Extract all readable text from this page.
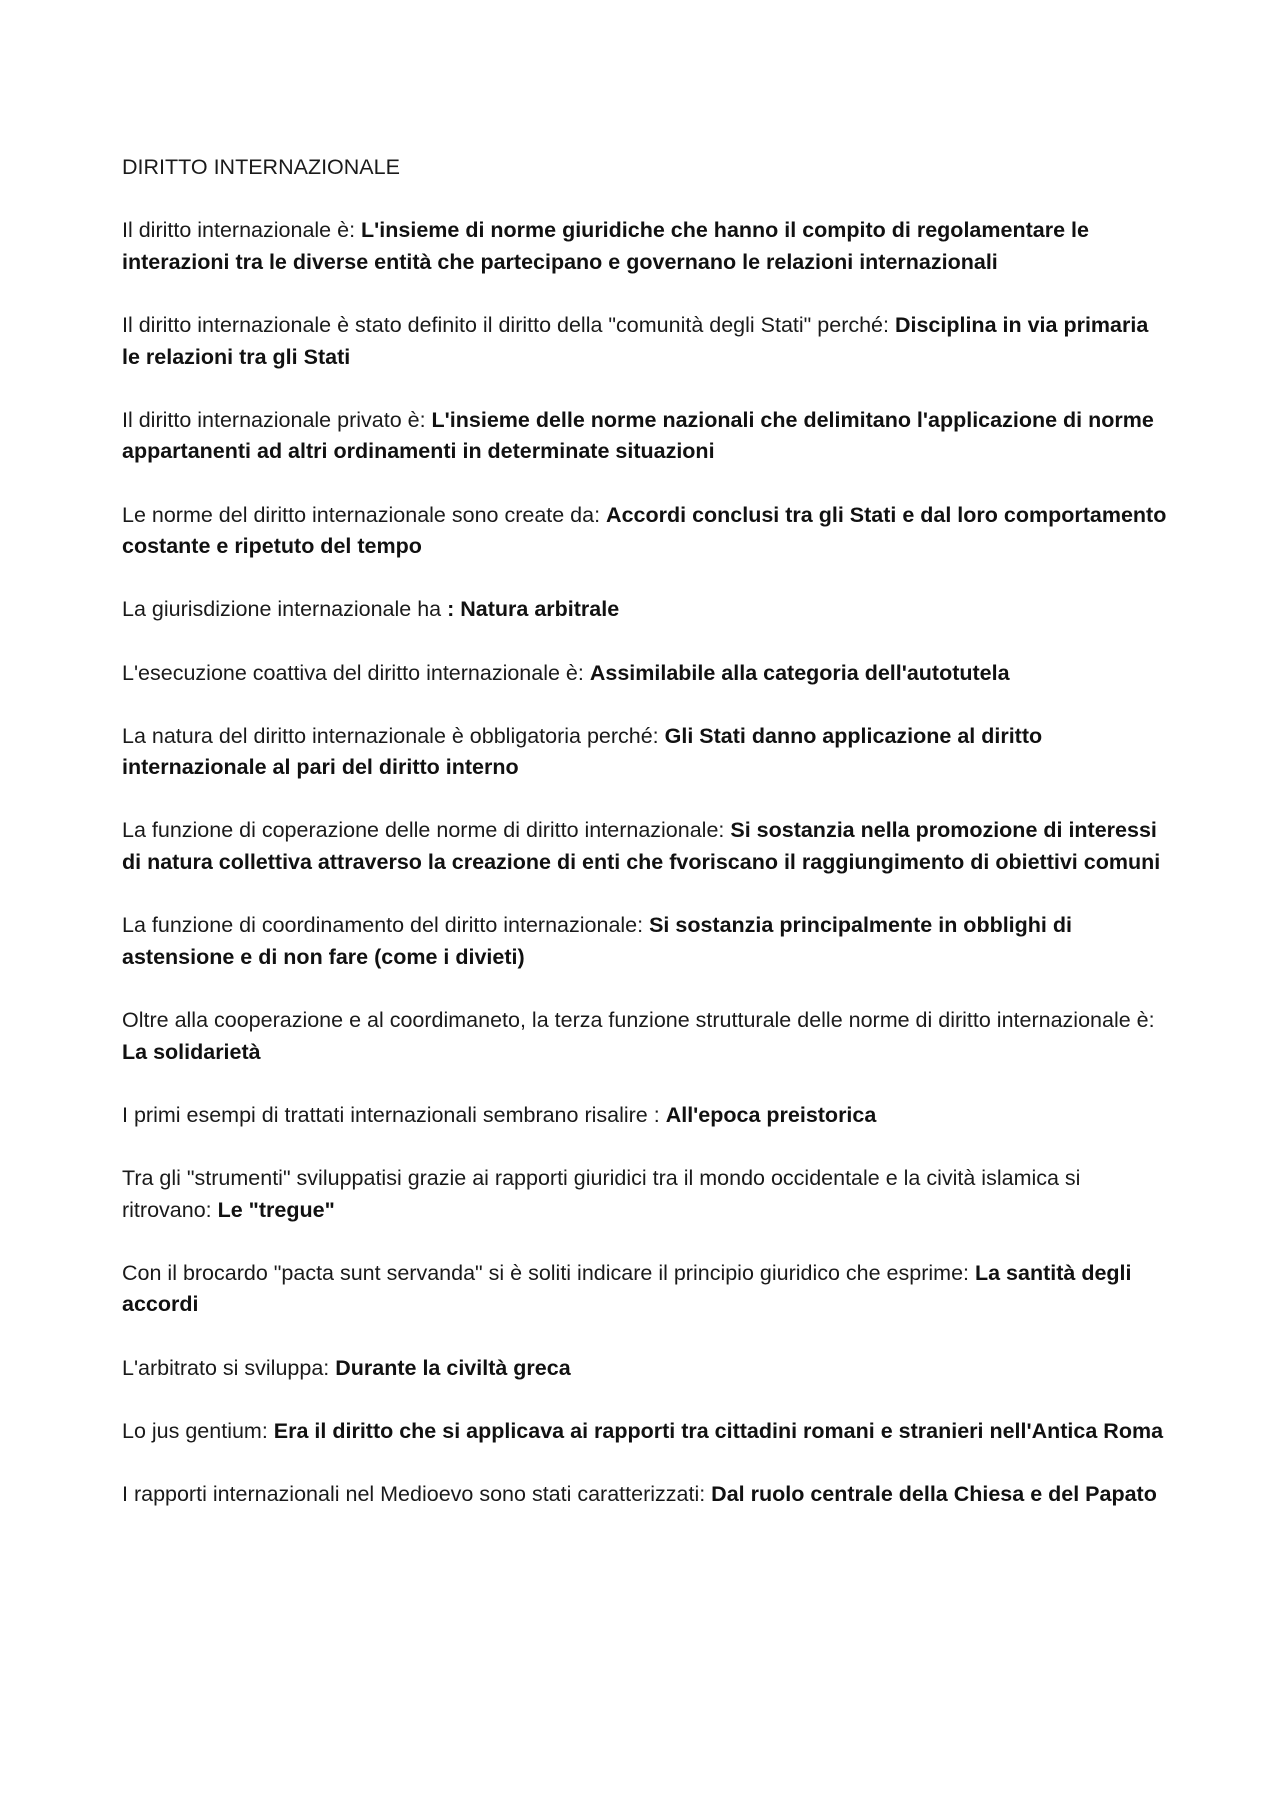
DIRITTO INTERNAZIONALE

Il diritto internazionale è: L'insieme di norme giuridiche che hanno il compito di regolamentare le interazioni tra le diverse entità che partecipano e governano le relazioni internazionali

Il diritto internazionale è stato definito il diritto della "comunità degli Stati" perché: Disciplina in via primaria le relazioni tra gli Stati

Il diritto internazionale privato è: L'insieme delle norme nazionali che delimitano l'applicazione di norme appartanenti ad altri ordinamenti in determinate situazioni

Le norme del diritto internazionale sono create da: Accordi conclusi tra gli Stati e dal loro comportamento costante e ripetuto del tempo

La giurisdizione internazionale ha : Natura arbitrale

L'esecuzione coattiva del diritto internazionale è: Assimilabile alla categoria dell'autotutela

La natura del diritto internazionale è obbligatoria perché: Gli Stati danno applicazione al diritto internazionale al pari del diritto interno

La funzione di coperazione delle norme di diritto internazionale: Si sostanzia nella promozione di interessi di natura collettiva attraverso la creazione di enti che fvoriscano il raggiungimento di obiettivi comuni

La funzione di coordinamento del diritto internazionale: Si sostanzia principalmente in obblighi di astensione e di non fare (come i divieti)

Oltre alla cooperazione e al coordimaneto, la terza funzione strutturale delle norme di diritto internazionale è: La solidarietà

I primi esempi di trattati internazionali sembrano risalire : All'epoca preistorica

Tra gli "strumenti" sviluppatisi grazie ai rapporti giuridici tra il mondo occidentale e la cività islamica si ritrovano: Le "tregue"

Con il brocardo "pacta sunt servanda" si è soliti indicare il principio giuridico che esprime: La santità degli accordi

L'arbitrato si sviluppa: Durante la civiltà greca

Lo jus gentium: Era il diritto che si applicava ai rapporti tra cittadini romani e stranieri nell'Antica Roma

I rapporti internazionali nel Medioevo sono stati caratterizzati: Dal ruolo centrale della Chiesa e del Papato
